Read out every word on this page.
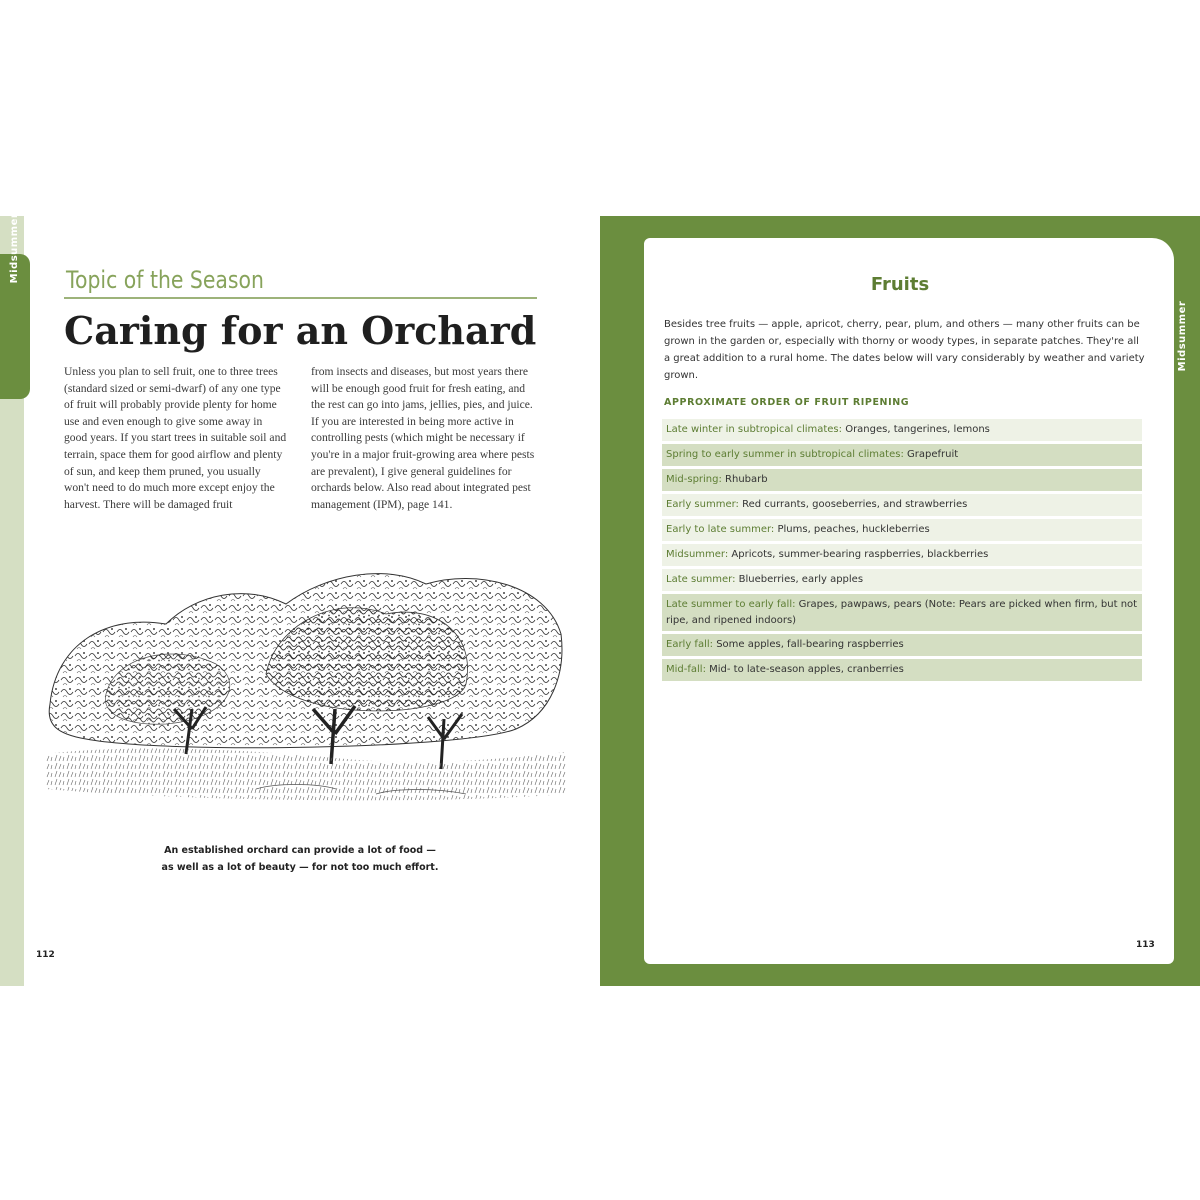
Midsummer Topic of the Season
Caring for an Orchard
Unless you plan to sell fruit, one to three trees (standard sized or semi-dwarf) of any one type of fruit will probably provide plenty for home use and even enough to give some away in good years. If you start trees in suitable soil and terrain, space them for good airflow and plenty of sun, and keep them pruned, you usually won't need to do much more except enjoy the harvest. There will be damaged fruit
from insects and diseases, but most years there will be enough good fruit for fresh eating, and the rest can go into jams, jellies, pies, and juice. If you are interested in being more active in controlling pests (which might be necessary if you're in a major fruit-growing area where pests are prevalent), I give general guidelines for orchards below. Also read about integrated pest management (IPM), page 141.
An established orchard can provide a lot of food —
as well as a lot of beauty — for not too much effort.
112
Midsummer
Fruits
Besides tree fruits — apple, apricot, cherry, pear, plum, and others — many other fruits can be grown in the garden or, especially with thorny or woody types, in separate patches. They're all a great addition to a rural home. The dates below will vary considerably by weather and variety grown.
APPROXIMATE ORDER OF FRUIT RIPENING
Late winter in subtropical climates: Oranges, tangerines, lemons
Spring to early summer in subtropical climates: Grapefruit
Mid-spring: Rhubarb
Early summer: Red currants, gooseberries, and strawberries
Early to late summer: Plums, peaches, huckleberries
Midsummer: Apricots, summer-bearing raspberries, blackberries
Late summer: Blueberries, early apples
Late summer to early fall: Grapes, pawpaws, pears (Note: Pears are picked when firm, but not ripe, and ripened indoors)
Early fall: Some apples, fall-bearing raspberries
Mid-fall: Mid- to late-season apples, cranberries
113
